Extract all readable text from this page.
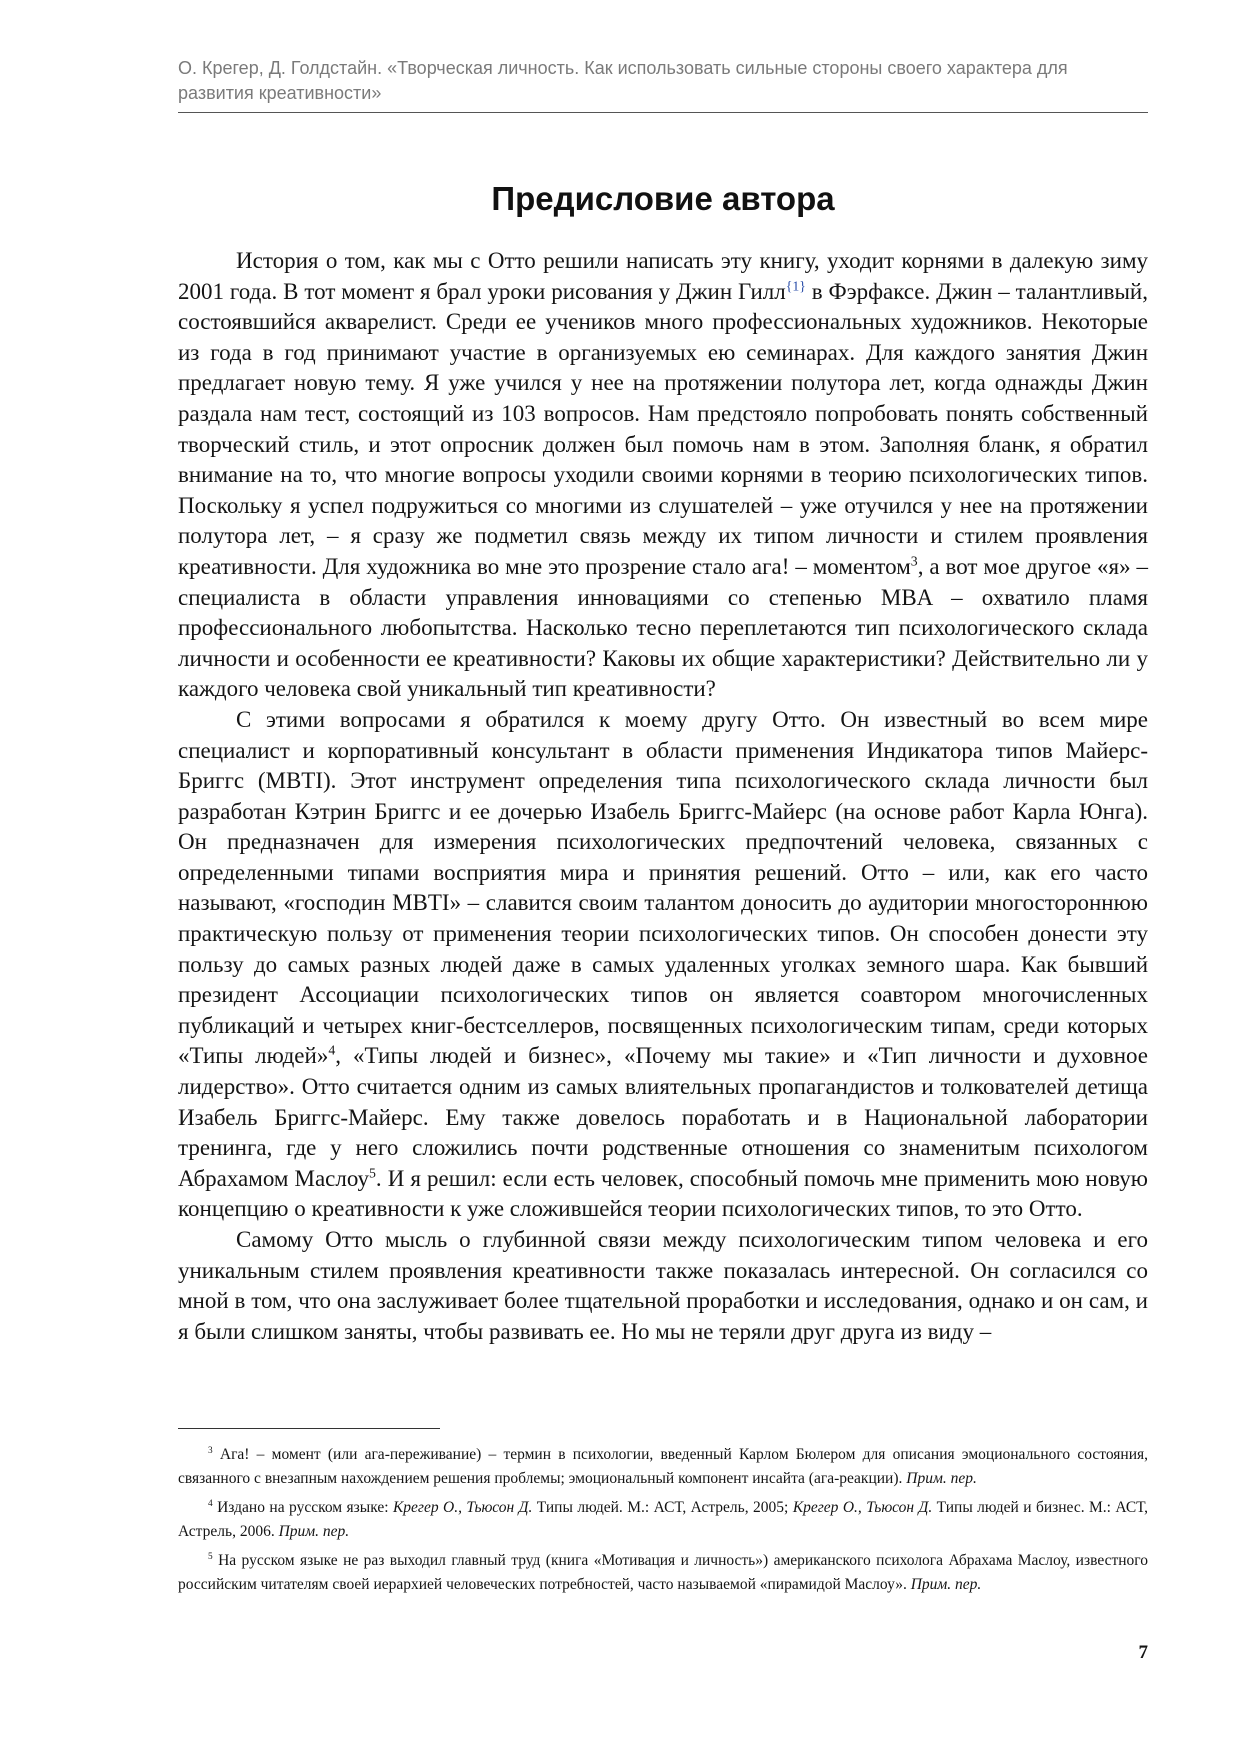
О. Крегер, Д. Голдстайн. «Творческая личность. Как использовать сильные стороны своего характера для развития креативности»
Предисловие автора

История о том, как мы с Отто решили написать эту книгу, уходит корнями в далекую зиму 2001 года. В тот момент я брал уроки рисования у Джин Гилл$^{\{1\}}$ в Фэрфаксе. Джин – талантливый, состоявшийся акварелист. Среди ее учеников много профессиональных художников. Некоторые из года в год принимают участие в организуемых ею семинарах. Для каждого занятия Джин предлагает новую тему. Я уже учился у нее на протяжении полутора лет, когда однажды Джин раздала нам тест, состоящий из 103 вопросов. Нам предстояло попробовать понять собственный творческий стиль, и этот опросник должен был помочь нам в этом. Заполняя бланк, я обратил внимание на то, что многие вопросы уходили своими корнями в теорию психологических типов. Поскольку я успел подружиться со многими из слушателей – уже отучился у нее на протяжении полутора лет, – я сразу же подметил связь между их типом личности и стилем проявления креативности. Для художника во мне это прозрение стало ага! – моментом$^3$, а вот мое другое «я» – специалиста в области управления инновациями со степенью MBA – охватило пламя профессионального любопытства. Насколько тесно переплетаются тип психологического склада личности и особенности ее креативности? Каковы их общие характеристики? Действительно ли у каждого человека свой уникальный тип креативности?

С этими вопросами я обратился к моему другу Отто. Он известный во всем мире специалист и корпоративный консультант в области применения Индикатора типов Майерс-Бриггс (MBTI). Этот инструмент определения типа психологического склада личности был разработан Кэтрин Бриггс и ее дочерью Изабель Бриггс-Майерс (на основе работ Карла Юнга). Он предназначен для измерения психологических предпочтений человека, связанных с определенными типами восприятия мира и принятия решений. Отто – или, как его часто называют, «господин MBTI» – славится своим талантом доносить до аудитории многостороннюю практическую пользу от применения теории психологических типов. Он способен донести эту пользу до самых разных людей даже в самых удаленных уголках земного шара. Как бывший президент Ассоциации психологических типов он является соавтором многочисленных публикаций и четырех книг-бестселлеров, посвященных психологическим типам, среди которых «Типы людей»$^4$, «Типы людей и бизнес», «Почему мы такие» и «Тип личности и духовное лидерство». Отто считается одним из самых влиятельных пропагандистов и толкователей детища Изабель Бриггс-Майерс. Ему также довелось поработать и в Национальной лаборатории тренинга, где у него сложились почти родственные отношения со знаменитым психологом Абрахамом Маслоу$^5$. И я решил: если есть человек, способный помочь мне применить мою новую концепцию о креативности к уже сложившейся теории психологических типов, то это Отто.

Самому Отто мысль о глубинной связи между психологическим типом человека и его уникальным стилем проявления креативности также показалась интересной. Он согласился со мной в том, что она заслуживает более тщательной проработки и исследования, однако и он сам, и я были слишком заняты, чтобы развивать ее. Но мы не теряли друг друга из виду –

$^3$ Ага! – момент (или ага-переживание) – термин в психологии, введенный Карлом Бюлером для описания эмоционального состояния, связанного с внезапным нахождением решения проблемы; эмоциональный компонент инсайта (ага-реакции). Прим. пер.

$^4$ Издано на русском языке: Крегер О., Тьюсон Д. Типы людей. М.: АСТ, Астрель, 2005; Крегер О., Тьюсон Д. Типы людей и бизнес. М.: АСТ, Астрель, 2006. Прим. пер.

$^5$ На русском языке не раз выходил главный труд (книга «Мотивация и личность») американского психолога Абрахама Маслоу, известного российским читателям своей иерархией человеческих потребностей, часто называемой «пирамидой Маслоу». Прим. пер.

7
